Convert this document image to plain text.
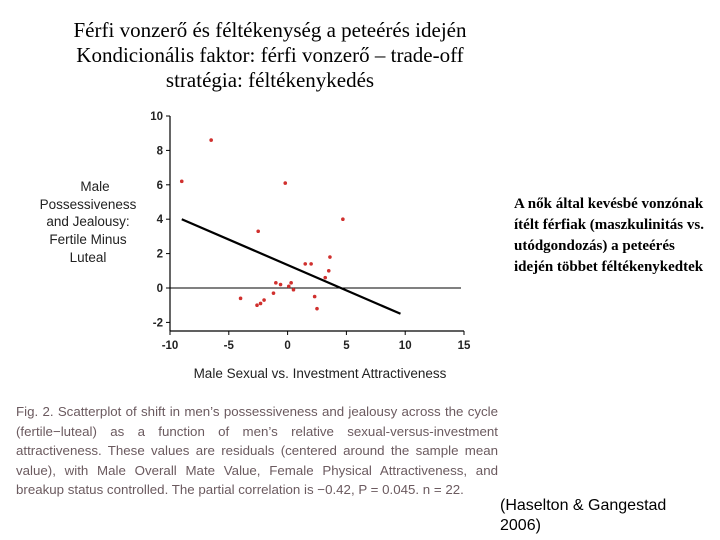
Férfi vonzerő és féltékenység a peteérés idején
Kondicionális faktor: férfi vonzerő – trade-off
stratégia: féltékenykedés
Male
Possessiveness
and Jealousy:
Fertile Minus
Luteal
-2
0
2
4
6
8
10
-10	-5	0	5	10	15
Male Sexual vs. Investment Attractiveness
A nők által kevésbé vonzónak ítélt férfiak (maszkulinitás vs. utódgondozás) a peteérés idején többet féltékenykedtek
Fig. 2. Scatterplot of shift in men’s possessiveness and jealousy across the cycle (fertile−luteal) as a function of men’s relative sexual-versus-investment attractiveness. These values are residuals (centered around the sample mean value), with Male Overall Mate Value, Female Physical Attractiveness, and breakup status controlled. The partial correlation is −0.42, P = 0.045. n = 22.
(Haselton & Gangestad 2006)
